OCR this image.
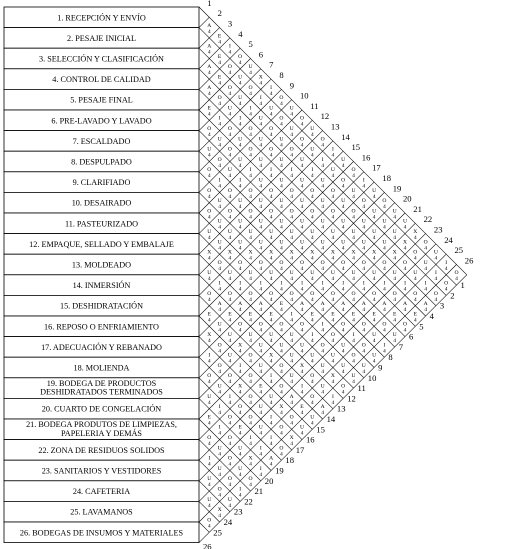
1. RECEPCIÓN Y ENVÍO
2. PESAJE INICIAL
3. SELECCIÓN Y CLASIFICACIÓN
4. CONTROL DE CALIDAD
5. PESAJE FINAL
6. PRE-LAVADO Y LAVADO
7. ESCALDADO
8. DESPULPADO
9. CLARIFIADO
10. DESAIRADO
11. PASTEURIZADO
12. EMPAQUE, SELLADO Y EMBALAJE
13. MOLDEADO
14. INMERSIÓN
15. DESHIDRATACIÓN
16. REPOSO O ENFRIAMIENTO
17. ADECUACIÓN Y REBANADO
18. MOLIENDA
19. BODEGA DE PRODUCTOS
DESHIDRATADOS TERMINADOS
20. CUARTO DE CONGELACIÓN
21. BODEGA PRODUTOS DE LIMPIEZAS,
PAPELERIA Y DEMÁS
22. ZONA DE RESIDUOS SOLIDOS
23. SANITARIOS Y VESTIDORES
24. CAFETERIA
25. LAVAMANOS
26. BODEGAS DE INSUMOS Y MATERIALES
A
4
E
4
I
4
O
4
U
4
X
4
I
4
O
4
U
4
O
4
U
4
O
4
I
4
U
4
O
4
I
4
U
4
O
4
U
4
U
4
X
4
O
4
U
4
I
4
O
4
A
4
E
4
O
4
U
4
O
4
I
4
U
4
O
4
U
4
O
4
U
4
I
4
U
4
O
4
U
4
O
4
U
4
U
4
U
4
X
4
O
4
U
4
I
4
O
4
A
4
E
4
O
4
U
4
I
4
U
4
O
4
U
4
O
4
U
4
I
4
U
4
O
4
U
4
O
4
U
4
U
4
U
4
X
4
O
4
U
4
I
4
O
4
A
4
O
4
U
4
I
4
O
4
U
4
O
4
U
4
I
4
U
4
O
4
U
4
O
4
U
4
U
4
U
4
X
4
O
4
U
4
I
4
O
4
A
4
E
4
I
4
O
4
U
4
O
4
U
4
I
4
U
4
O
4
U
4
O
4
U
4
U
4
U
4
X
4
O
4
U
4
I
4
O
4
A
4
E
4
O
4
U
4
O
4
U
4
I
4
U
4
O
4
U
4
O
4
U
4
U
4
U
4
X
4
O
4
U
4
I
4
O
4
A
4
E
4
O
4
U
4
O
4
U
4
I
4
O
4
U
4
O
4
U
4
U
4
U
4
X
4
O
4
U
4
I
4
O
4
A
4
E
4
O
4
U
4
O
4
I
4
O
4
U
4
O
4
U
4
U
4
U
4
X
4
O
4
U
4
I
4
O
4
A
4
E
4
O
4
U
4
I
4
O
4
U
4
O
4
U
4
U
4
U
4
X
4
O
4
U
4
I
4
O
4
A
4
E
4
O
4
I
4
O
4
U
4
O
4
U
4
U
4
U
4
X
4
O
4
U
4
I
4
O
4
A
4
E
4
I
4
O
4
U
4
O
4
U
4
U
4
U
4
X
4
O
4
U
4
I
4
O
4
E
4
I
4
O
4
I
4
O
4
U
4
U
4
U
4
X
4
O
4
U
4
I
4
O
4
A
4
E
4
O
4
U
4
U
4
U
4
U
4
X
4
O
4
U
4
I
4
O
4
A
4
E
4
O
4
U
4
U
4
U
4
X
4
O
4
U
4
I
4
O
4
A
4
E
4
O
4
U
4
U
4
X
4
O
4
U
4
I
4
O
4
A
4
E
4
U
4
U
4
X
4
O
4
U
4
I
4
O
4
A
4
E
4
U
4
X
4
O
4
U
4
I
4
O
4
E
4
U
4
X
4
O
4
U
4
I
4
O
4
O
4
X
4
O
4
U
4
I
4
O
4
X
4
O
4
U
4
I
4
O
4
O
4
U
4
I
4
O
4
U
4
I
4
O
4
E
4
I
4
I
4
A
4
E
4
I
4
O
4
U
4
X
4
I
4
O
4
U
4
O
4
U
4
O
4
I
4
U
4
O
4
I
4
U
4
O
4
U
4
U
4
X
4
O
4
1
1
2
2
3
3
4
4
5
5
6
6
7
7
8
8
9
9
10
10
11
11
12
12
13
13
14
14
15
15
16
16
17
17
18
18
19
19
20
20
21
21
22
22
23
23
24
24
25
25
26
26
